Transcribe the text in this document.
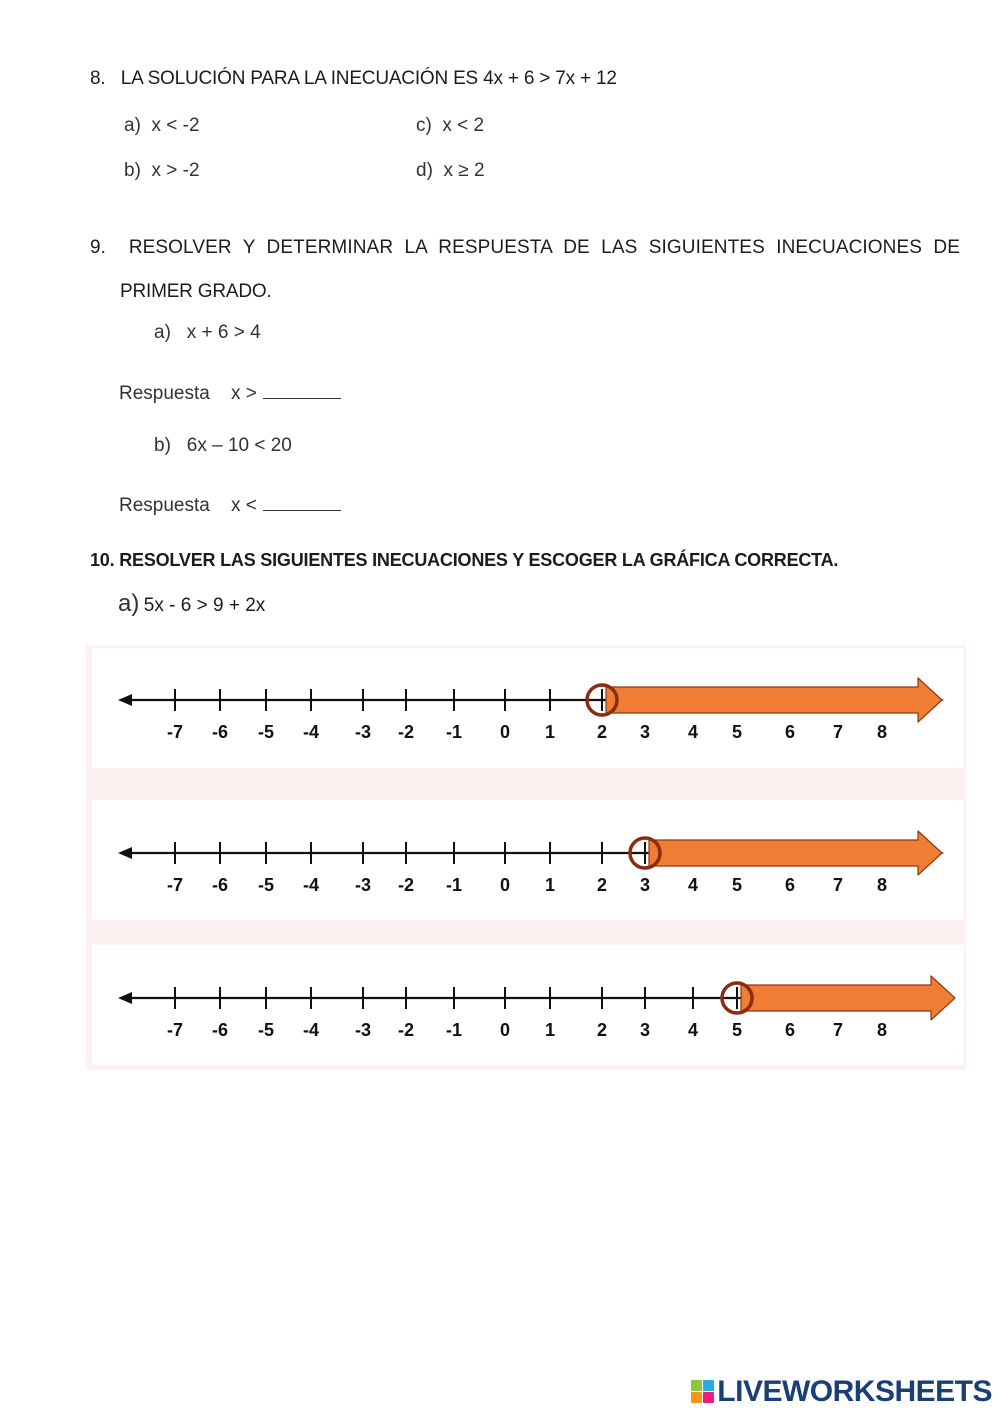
8. LA SOLUCIÓN PARA LA INECUACIÓN ES 4x + 6 > 7x + 12
a) x < -2
b) x > -2
c) x < 2
d) x ≥ 2
9. RESOLVER Y DETERMINAR LA RESPUESTA DE LAS SIGUIENTES INECUACIONES DE
PRIMER GRADO.
a) x + 6 > 4
Respuesta x >
b) 6x – 10 < 20
Respuesta x <
10. RESOLVER LAS SIGUIENTES INECUACIONES Y ESCOGER LA GRÁFICA CORRECTA.
a) 5x - 6 > 9 + 2x
-7 -6 -5 -4 -3 -2 -1 0 1 2 3 4 5 6 7 8
-7 -6 -5 -4 -3 -2 -1 0 1 2 3 4 5 6 7 8
-7 -6 -5 -4 -3 -2 -1 0 1 2 3 4 5 6 7 8
LIVEWORKSHEETS
